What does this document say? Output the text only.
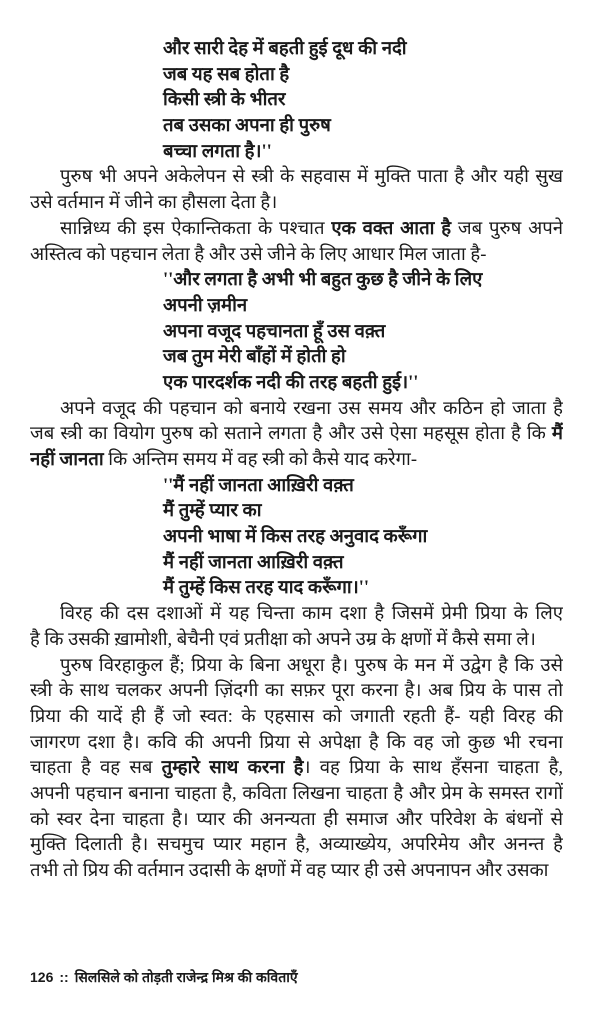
और सारी देह में बहती हुई दूध की नदी
जब यह सब होता है
किसी स्त्री के भीतर
तब उसका अपना ही पुरुष
बच्चा लगता है।''
पुरुष भी अपने अकेलेपन से स्त्री के सहवास में मुक्ति पाता है और यही सुख
उसे वर्तमान में जीने का हौसला देता है।
सान्निध्य की इस ऐकान्तिकता के पश्चात एक वक्त आता है जब पुरुष अपने
अस्तित्व को पहचान लेता है और उसे जीने के लिए आधार मिल जाता है-
''और लगता है अभी भी बहुत कुछ है जीने के लिए
अपनी ज़मीन
अपना वजूद पहचानता हूँ उस वक़्त
जब तुम मेरी बाँहों में होती हो
एक पारदर्शक नदी की तरह बहती हुई।''
अपने वजूद की पहचान को बनाये रखना उस समय और कठिन हो जाता है
जब स्त्री का वियोग पुरुष को सताने लगता है और उसे ऐसा महसूस होता है कि मैं
नहीं जानता कि अन्तिम समय में वह स्त्री को कैसे याद करेगा-
''मैं नहीं जानता आख़िरी वक़्त
मैं तुम्हें प्यार का
अपनी भाषा में किस तरह अनुवाद करूँगा
मैं नहीं जानता आख़िरी वक़्त
मैं तुम्हें किस तरह याद करूँगा।''
विरह की दस दशाओं में यह चिन्ता काम दशा है जिसमें प्रेमी प्रिया के लिए
है कि उसकी ख़ामोशी, बेचैनी एवं प्रतीक्षा को अपने उम्र के क्षणों में कैसे समा ले।
पुरुष विरहाकुल हैं; प्रिया के बिना अधूरा है। पुरुष के मन में उद्वेग है कि उसे
स्त्री के साथ चलकर अपनी ज़िंदगी का सफ़र पूरा करना है। अब प्रिय के पास तो
प्रिया की यादें ही हैं जो स्वत: के एहसास को जगाती रहती हैं- यही विरह की
जागरण दशा है। कवि की अपनी प्रिया से अपेक्षा है कि वह जो कुछ भी रचना
चाहता है वह सब तुम्हारे साथ करना है। वह प्रिया के साथ हँसना चाहता है,
अपनी पहचान बनाना चाहता है, कविता लिखना चाहता है और प्रेम के समस्त रागों
को स्वर देना चाहता है। प्यार की अनन्यता ही समाज और परिवेश के बंधनों से
मुक्ति दिलाती है। सचमुच प्यार महान है, अव्याख्येय, अपरिमेय और अनन्त है
तभी तो प्रिय की वर्तमान उदासी के क्षणों में वह प्यार ही उसे अपनापन और उसका
126 :: सिलसिले को तोड़ती राजेन्द्र मिश्र की कविताएँ
